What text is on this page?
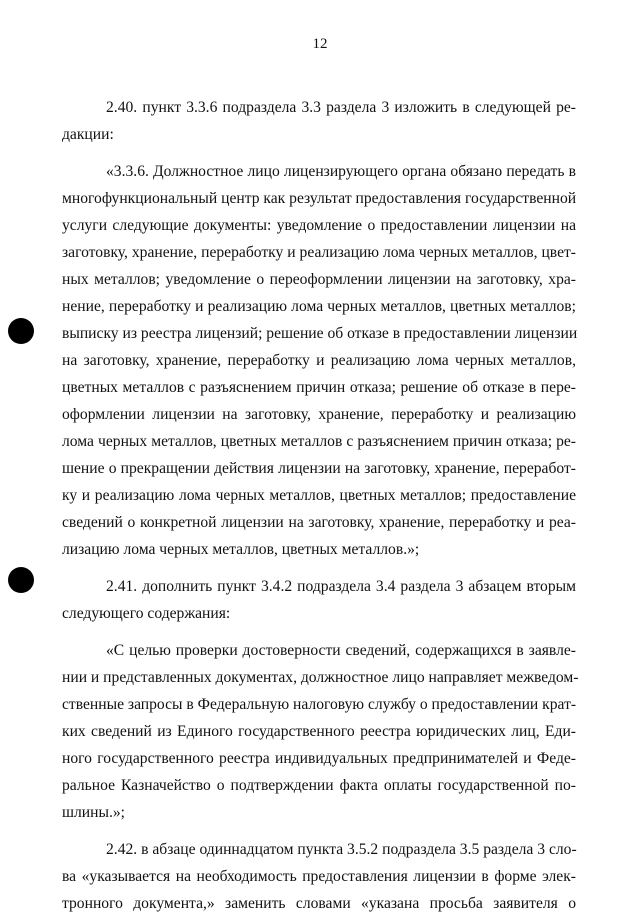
12

2.40. пункт 3.3.6 подраздела 3.3 раздела 3 изложить в следующей ре-
дакции:

«3.3.6. Должностное лицо лицензирующего органа обязано передать в
многофункциональный центр как результат предоставления государственной
услуги следующие документы: уведомление о предоставлении лицензии на
заготовку, хранение, переработку и реализацию лома черных металлов, цвет-
ных металлов; уведомление о переоформлении лицензии на заготовку, хра-
нение, переработку и реализацию лома черных металлов, цветных металлов;
выписку из реестра лицензий; решение об отказе в предоставлении лицензии
на заготовку, хранение, переработку и реализацию лома черных металлов,
цветных металлов с разъяснением причин отказа; решение об отказе в пере-
оформлении лицензии на заготовку, хранение, переработку и реализацию
лома черных металлов, цветных металлов с разъяснением причин отказа; ре-
шение о прекращении действия лицензии на заготовку, хранение, переработ-
ку и реализацию лома черных металлов, цветных металлов; предоставление
сведений о конкретной лицензии на заготовку, хранение, переработку и реа-
лизацию лома черных металлов, цветных металлов.»;

2.41. дополнить пункт 3.4.2 подраздела 3.4 раздела 3 абзацем вторым
следующего содержания:

«С целью проверки достоверности сведений, содержащихся в заявле-
нии и представленных документах, должностное лицо направляет межведом-
ственные запросы в Федеральную налоговую службу о предоставлении крат-
ких сведений из Единого государственного реестра юридических лиц, Еди-
ного государственного реестра индивидуальных предпринимателей и Феде-
ральное Казначейство о подтверждении факта оплаты государственной по-
шлины.»;

2.42. в абзаце одиннадцатом пункта 3.5.2 подраздела 3.5 раздела 3 сло-
ва «указывается на необходимость предоставления лицензии в форме элек-
тронного документа,» заменить словами «указана просьба заявителя о
